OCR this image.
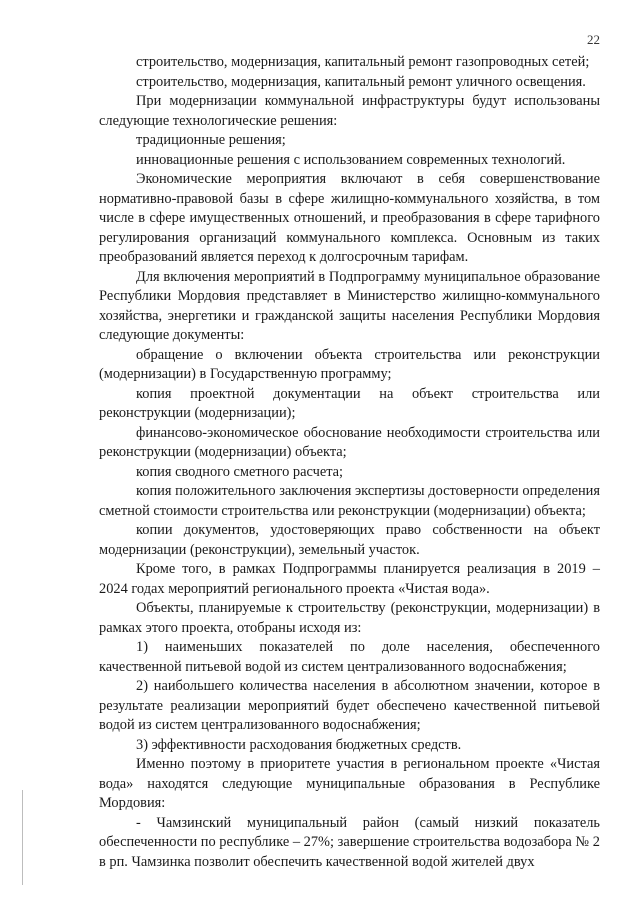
22

строительство, модернизация, капитальный ремонт газопроводных сетей;

строительство, модернизация, капитальный ремонт уличного освещения.

При модернизации коммунальной инфраструктуры будут использованы следующие технологические решения:

традиционные решения;

инновационные решения с использованием современных технологий.

Экономические мероприятия включают в себя совершенствование нормативно-правовой базы в сфере жилищно-коммунального хозяйства, в том числе в сфере имущественных отношений, и преобразования в сфере тарифного регулирования организаций коммунального комплекса. Основным из таких преобразований является переход к долгосрочным тарифам.

Для включения мероприятий в Подпрограмму муниципальное образование Республики Мордовия представляет в Министерство жилищно-коммунального хозяйства, энергетики и гражданской защиты населения Республики Мордовия следующие документы:

обращение о включении объекта строительства или реконструкции (модернизации) в Государственную программу;

копия проектной документации на объект строительства или реконструкции (модернизации);

финансово-экономическое обоснование необходимости строительства или реконструкции (модернизации) объекта;

копия сводного сметного расчета;

копия положительного заключения экспертизы достоверности определения сметной стоимости строительства или реконструкции (модернизации) объекта;

копии документов, удостоверяющих право собственности на объект модернизации (реконструкции), земельный участок.

Кроме того, в рамках Подпрограммы планируется реализация в 2019 – 2024 годах мероприятий регионального проекта «Чистая вода».

Объекты, планируемые к строительству (реконструкции, модернизации) в рамках этого проекта, отобраны исходя из:

1) наименьших показателей по доле населения, обеспеченного качественной питьевой водой из систем централизованного водоснабжения;

2) наибольшего количества населения в абсолютном значении, которое в результате реализации мероприятий будет обеспечено качественной питьевой водой из систем централизованного водоснабжения;

3) эффективности расходования бюджетных средств.

Именно поэтому в приоритете участия в региональном проекте «Чистая вода» находятся следующие муниципальные образования в Республике Мордовия:

- Чамзинский муниципальный район (самый низкий показатель обеспеченности по республике – 27%; завершение строительства водозабора № 2 в рп. Чамзинка позволит обеспечить качественной водой жителей двух
